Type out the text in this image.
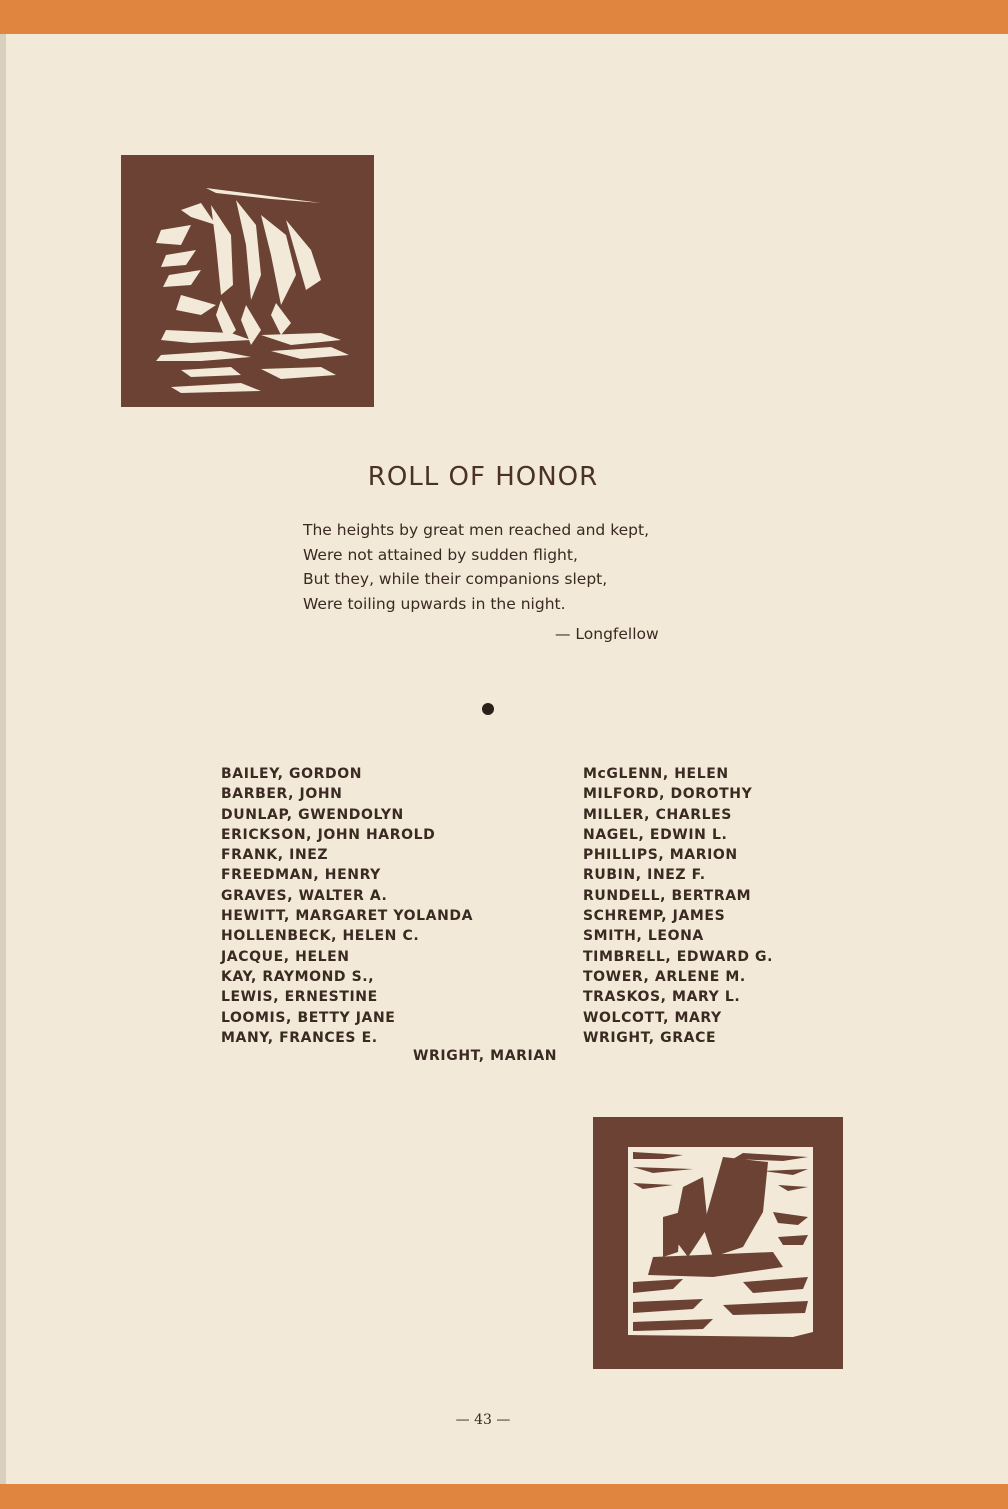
ROLL OF HONOR
The heights by great men reached and kept,
Were not attained by sudden flight,
But they, while their companions slept,
Were toiling upwards in the night.
— Longfellow
BAILEY, GORDON
BARBER, JOHN
DUNLAP, GWENDOLYN
ERICKSON, JOHN HAROLD
FRANK, INEZ
FREEDMAN, HENRY
GRAVES, WALTER A.
HEWITT, MARGARET YOLANDA
HOLLENBECK, HELEN C.
JACQUE, HELEN
KAY, RAYMOND S.,
LEWIS, ERNESTINE
LOOMIS, BETTY JANE
MANY, FRANCES E.
McGLENN, HELEN
MILFORD, DOROTHY
MILLER, CHARLES
NAGEL, EDWIN L.
PHILLIPS, MARION
RUBIN, INEZ F.
RUNDELL, BERTRAM
SCHREMP, JAMES
SMITH, LEONA
TIMBRELL, EDWARD G.
TOWER, ARLENE M.
TRASKOS, MARY L.
WOLCOTT, MARY
WRIGHT, GRACE
WRIGHT, MARIAN
— 43 —
